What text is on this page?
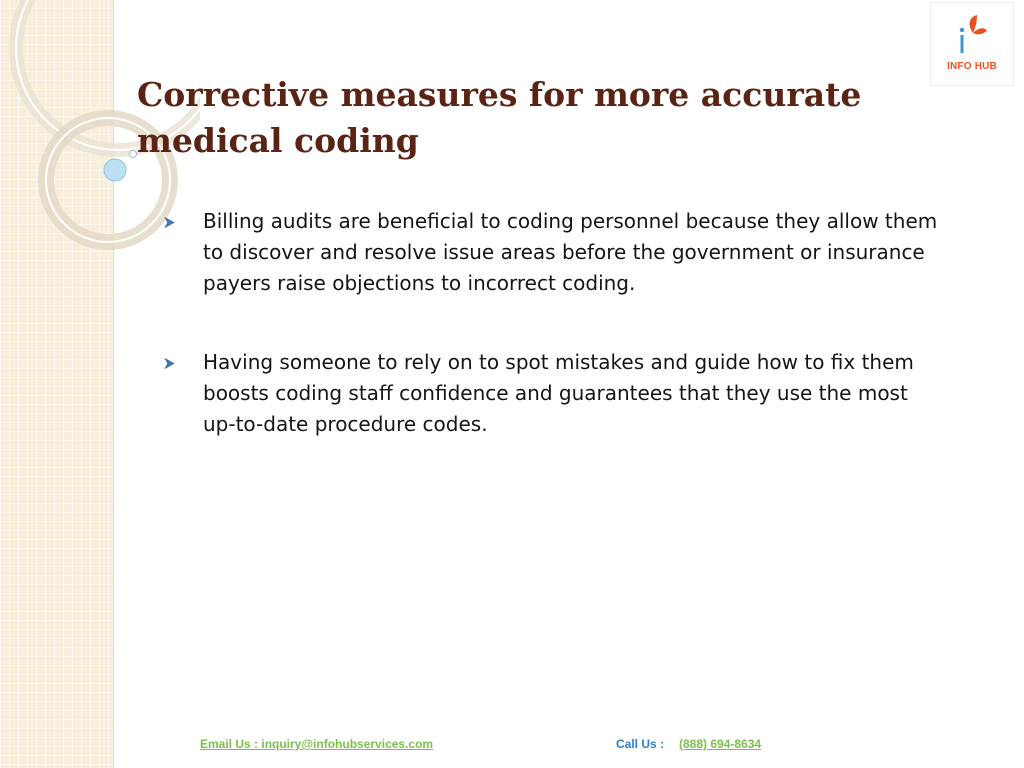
INFO HUB
Corrective measures for more accurate
medical coding
Billing audits are beneficial to coding personnel because they allow them to discover and resolve issue areas before the government or insurance payers raise objections to incorrect coding.
Having someone to rely on to spot mistakes and guide how to fix them boosts coding staff confidence and guarantees that they use the most up-to-date procedure codes.
Email Us : inquiry@infohubservices.com	Call Us : (888) 694-8634
